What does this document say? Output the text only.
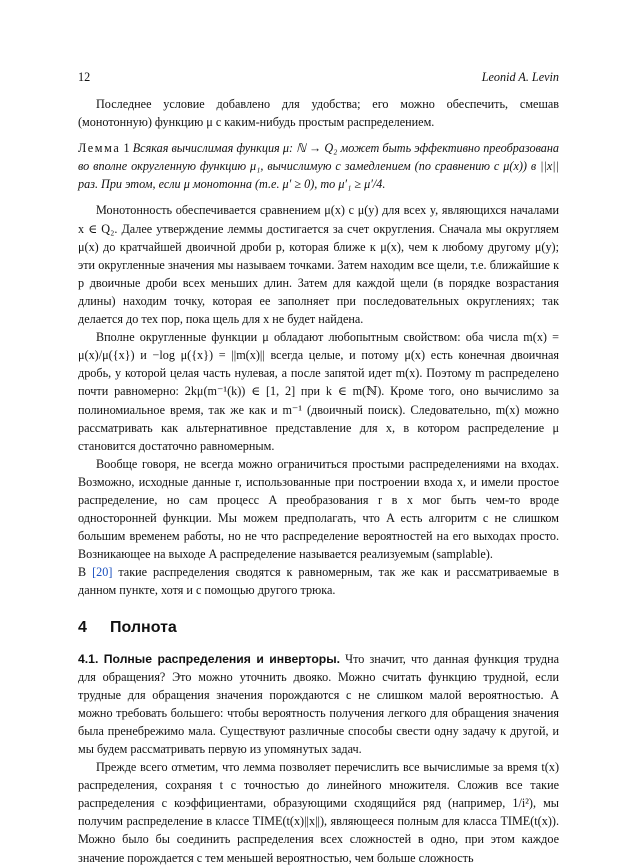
12	Leonid A. Levin

Последнее условие добавлено для удобства; его можно обеспечить, смешав (монотонную) функцию μ с каким-нибудь простым распределением.

Лемма 1 Всякая вычислимая функция μ: ℕ → Q₂ может быть эффективно преобразована во вполне округленную функцию μ₁, вычислимую с замедлением (по сравнению с μ(x)) в ||x|| раз. При этом, если μ монотонна (т.е. μ′ ≥ 0), то μ′₁ ≥ μ′/4.

Монотонность обеспечивается сравнением μ(x) с μ(y) для всех y, являющихся началами x ∈ Q₂. Далее утверждение леммы достигается за счет округления. Сначала мы округляем μ(x) до кратчайшей двоичной дроби p, которая ближе к μ(x), чем к любому другому μ(y); эти округленные значения мы называем точками. Затем находим все щели, т.е. ближайшие к p двоичные дроби всех меньших длин. Затем для каждой щели (в порядке возрастания длины) находим точку, которая ее заполняет при последовательных округлениях; так делается до тех пор, пока щель для x не будет найдена.

Вполне округленные функции μ обладают любопытным свойством: оба числа m(x) = μ(x)/μ({x}) и −log μ({x}) = ||m(x)|| всегда целые, и потому μ(x) есть конечная двоичная дробь, у которой целая часть нулевая, а после запятой идет m(x). Поэтому m распределено почти равномерно: 2kμ(m⁻¹(k)) ∈ [1, 2] при k ∈ m(ℕ). Кроме того, оно вычислимо за полиномиальное время, так же как и m⁻¹ (двоичный поиск). Следовательно, m(x) можно рассматривать как альтернативное представление для x, в котором распределение μ становится достаточно равномерным.

Вообще говоря, не всегда можно ограничиться простыми распределениями на входах. Возможно, исходные данные r, использованные при построении входа x, и имели простое распределение, но сам процесс A преобразования r в x мог быть чем-то вроде односторонней функции. Мы можем предполагать, что A есть алгоритм с не слишком большим временем работы, но не что распределение вероятностей на его выходах просто. Возникающее на выходе A распределение называется реализуемым (samplable).

В [20] такие распределения сводятся к равномерным, так же как и рассматриваемые в данном пункте, хотя и с помощью другого трюка.

4 Полнота

4.1. Полные распределения и инверторы. Что значит, что данная функция трудна для обращения? Это можно уточнить двояко. Можно считать функцию трудной, если трудные для обращения значения порождаются с не слишком малой вероятностью. А можно требовать большего: чтобы вероятность получения легкого для обращения значения была пренебрежимо мала. Существуют различные способы свести одну задачу к другой, и мы будем рассматривать первую из упомянутых задач.

Прежде всего отметим, что лемма позволяет перечислить все вычислимые за время t(x) распределения, сохраняя t с точностью до линейного множителя. Сложив все такие распределения с коэффициентами, образующими сходящийся ряд (например, 1/i²), мы получим распределение в классе TIME(t(x)||x||), являющееся полным для класса TIME(t(x)). Можно было бы соединить распределения всех сложностей в одно, при этом каждое значение порождается с тем меньшей вероятностью, чем больше сложность
